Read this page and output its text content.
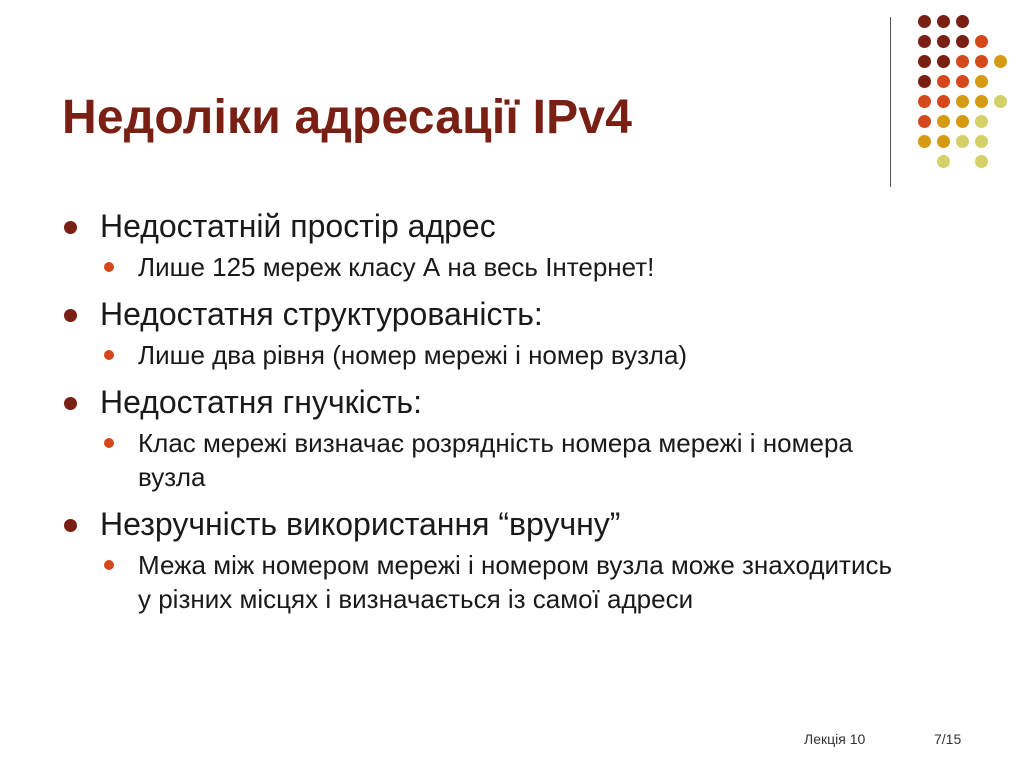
Недоліки адресації IPv4
Недостатній простір адрес
Лише 125 мереж класу А на весь Інтернет!
Недостатня структурованість:
Лише два рівня (номер мережі і номер вузла)
Недостатня гнучкість:
Клас мережі визначає розрядність номера мережі і номера вузла
Незручність використання “вручну”
Межа між номером мережі і номером вузла може знаходитись у різних місцях і визначається із самої адреси
Лекція 10	7/15
